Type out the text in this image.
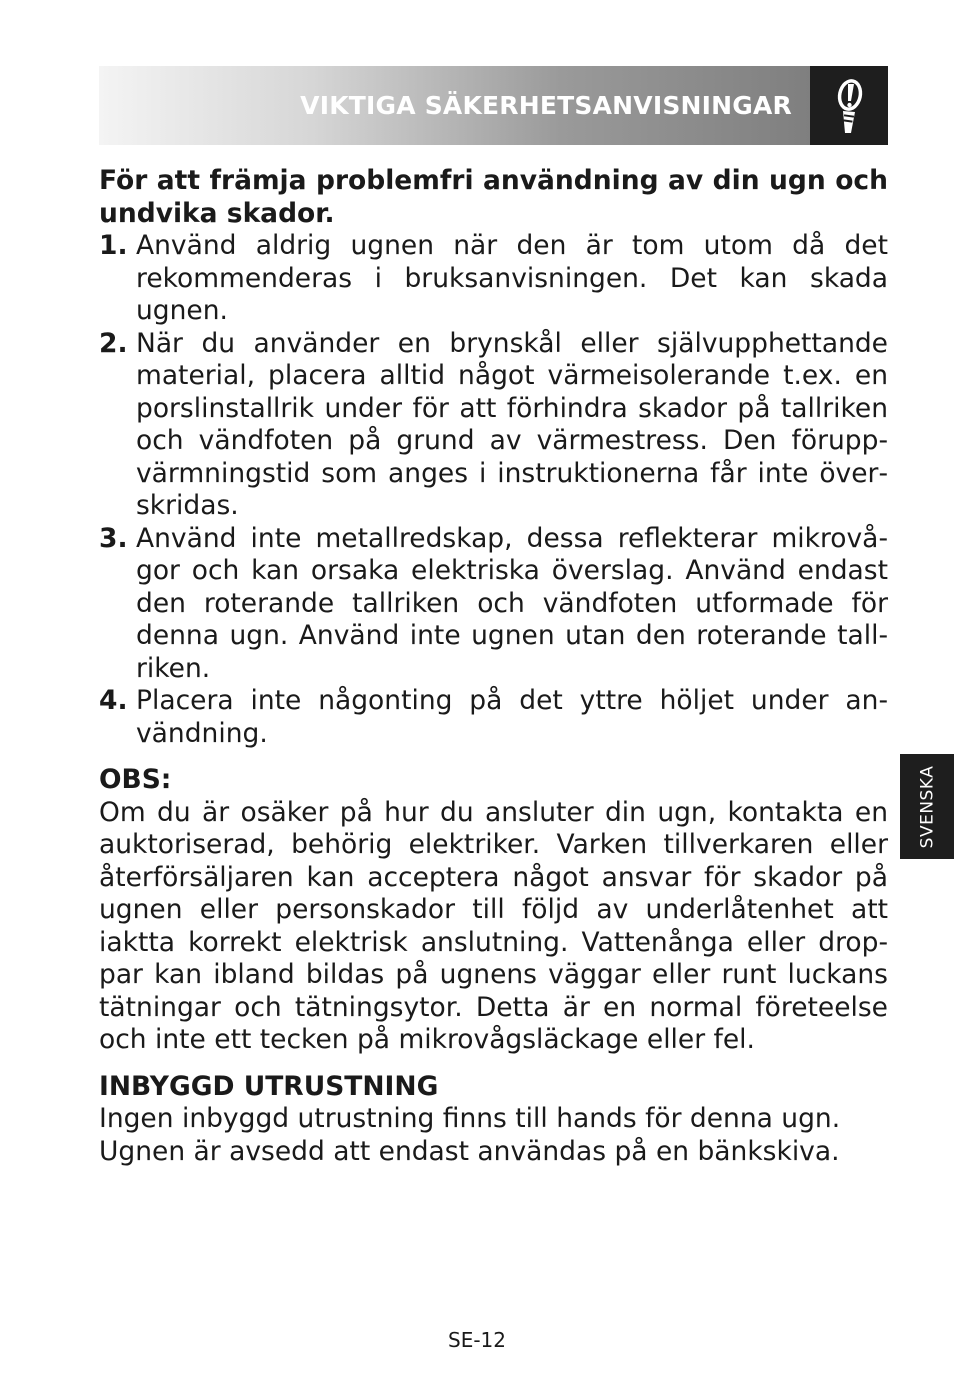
VIKTIGA SÄKERHETSANVISNINGAR

För att främja problemfri användning av din ugn och undvika skador.

1. Använd aldrig ugnen när den är tom utom då det rekommenderas i bruksanvisningen. Det kan skada ugnen.
2. När du använder en brynskål eller självupphettande material, placera alltid något värmeisolerande t.ex. en porslinstallrik under för att förhindra skador på tallriken och vändfoten på grund av värmestress. Den föruppvärmningstid som anges i instruktionerna får inte överskridas.
3. Använd inte metallredskap, dessa reflekterar mikrovågor och kan orsaka elektriska överslag. Använd endast den roterande tallriken och vändfoten utformade för denna ugn. Använd inte ugnen utan den roterande tallriken.
4. Placera inte någonting på det yttre höljet under användning.
OBS:

Om du är osäker på hur du ansluter din ugn, kontakta en auktoriserad, behörig elektriker. Varken tillverkaren eller återförsäljaren kan acceptera något ansvar för skador på ugnen eller personskador till följd av underlåtenhet att iaktta korrekt elektrisk anslutning. Vattenånga eller droppar kan ibland bildas på ugnens väggar eller runt luckans tätningar och tätningsytor. Detta är en normal företeelse och inte ett tecken på mikrovågsläckage eller fel.

INBYGGD UTRUSTNING

Ingen inbyggd utrustning finns till hands för denna ugn.

Ugnen är avsedd att endast användas på en bänkskiva.

SVENSKA
SE-12
